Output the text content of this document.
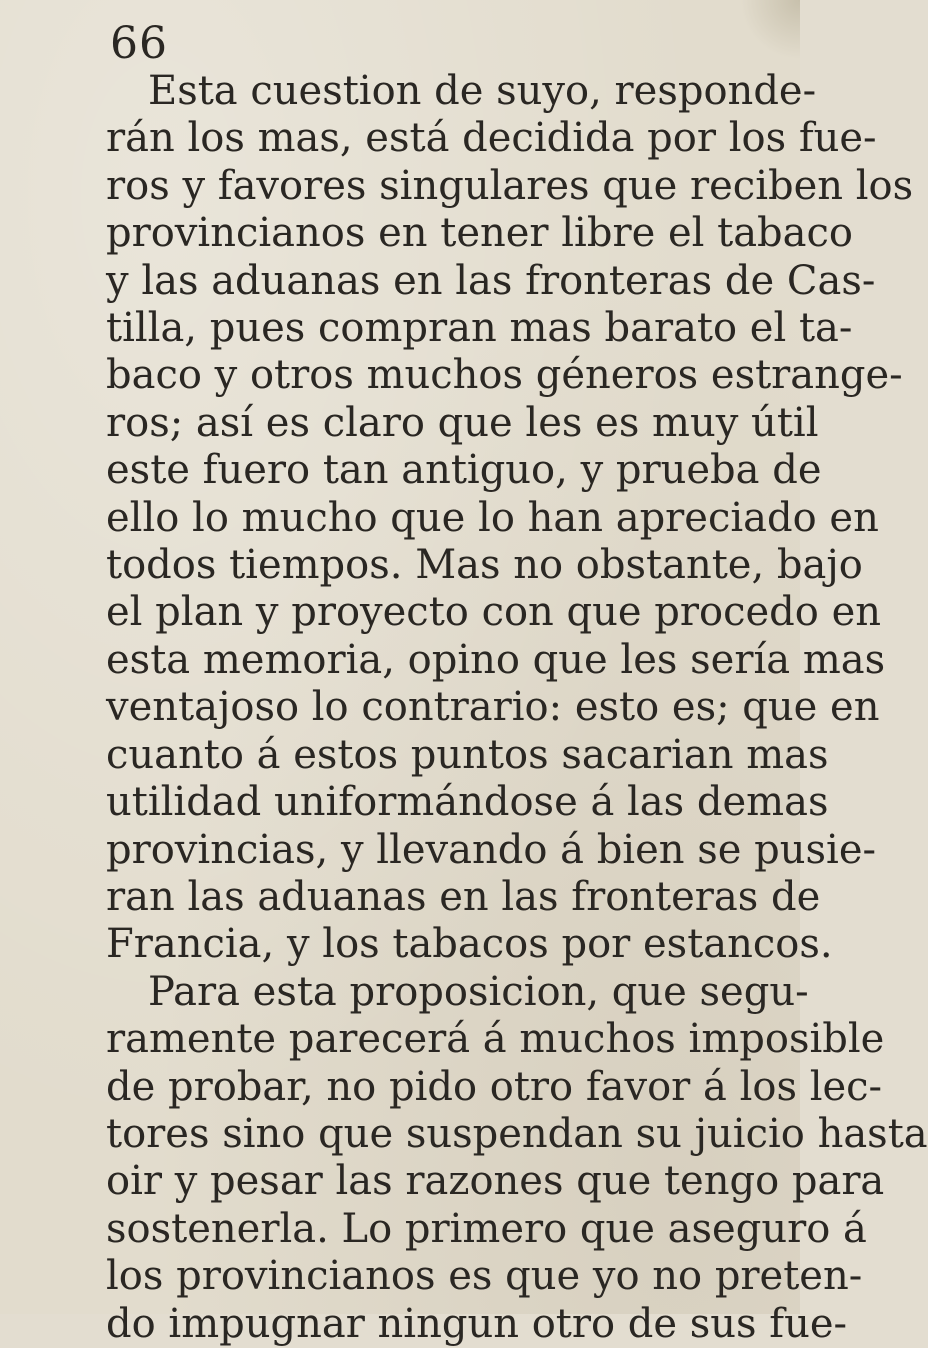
66
Esta cuestion de suyo, responde-
rán los mas, está decidida por los fue-
ros y favores singulares que reciben los
provincianos en tener libre el tabaco
y las aduanas en las fronteras de Cas-
tilla, pues compran mas barato el ta-
baco y otros muchos géneros estrange-
ros; así es claro que les es muy útil
este fuero tan antiguo, y prueba de
ello lo mucho que lo han apreciado en
todos tiempos. Mas no obstante, bajo
el plan y proyecto con que procedo en
esta memoria, opino que les sería mas
ventajoso lo contrario: esto es; que en
cuanto á estos puntos sacarian mas
utilidad uniformándose á las demas
provincias, y llevando á bien se pusie-
ran las aduanas en las fronteras de
Francia, y los tabacos por estancos.
Para esta proposicion, que segu-
ramente parecerá á muchos imposible
de probar, no pido otro favor á los lec-
tores sino que suspendan su juicio hasta
oir y pesar las razones que tengo para
sostenerla. Lo primero que aseguro á
los provincianos es que yo no preten-
do impugnar ningun otro de sus fue-
